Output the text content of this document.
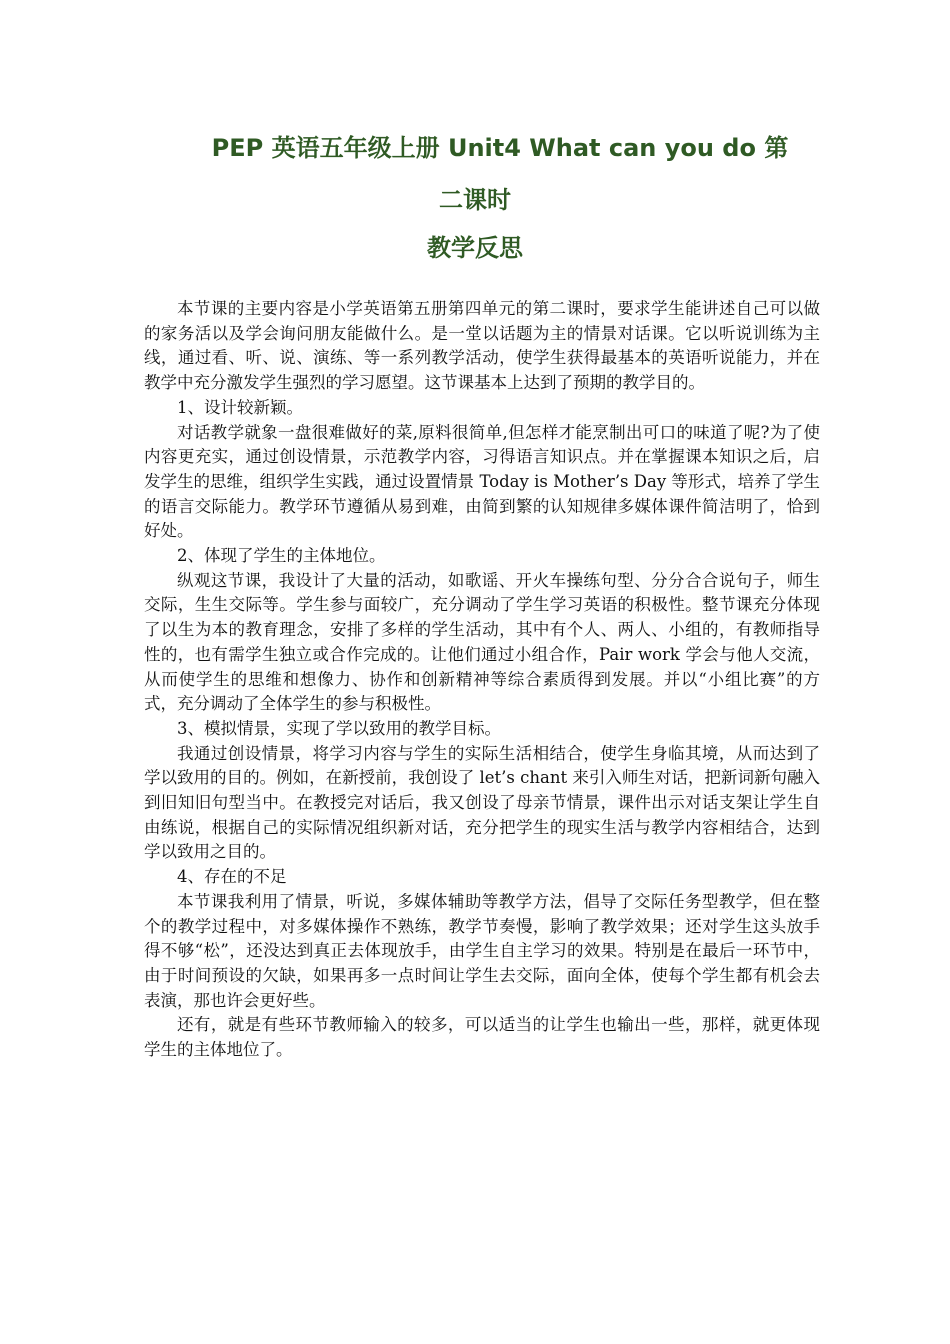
PEP 英语五年级上册 Unit4 What can you do 第
二课时
教学反思

本节课的主要内容是小学英语第五册第四单元的第二课时，要求学生能讲述自己可以做的家务活以及学会询问朋友能做什么。是一堂以话题为主的情景对话课。它以听说训练为主线，通过看、听、说、演练、等一系列教学活动，使学生获得最基本的英语听说能力，并在教学中充分激发学生强烈的学习愿望。这节课基本上达到了预期的教学目的。

1、设计较新颖。

对话教学就象一盘很难做好的菜,原料很简单,但怎样才能烹制出可口的味道了呢?为了使内容更充实，通过创设情景，示范教学内容，习得语言知识点。并在掌握课本知识之后，启发学生的思维，组织学生实践，通过设置情景 Today is Mother’s Day 等形式，培养了学生的语言交际能力。教学环节遵循从易到难，由简到繁的认知规律多媒体课件简洁明了，恰到好处。

2、体现了学生的主体地位。

纵观这节课，我设计了大量的活动，如歌谣、开火车操练句型、分分合合说句子，师生交际，生生交际等。学生参与面较广，充分调动了学生学习英语的积极性。整节课充分体现了以生为本的教育理念，安排了多样的学生活动，其中有个人、两人、小组的，有教师指导性的，也有需学生独立或合作完成的。让他们通过小组合作，Pair work 学会与他人交流，从而使学生的思维和想像力、协作和创新精神等综合素质得到发展。并以“小组比赛”的方式，充分调动了全体学生的参与积极性。

3、模拟情景，实现了学以致用的教学目标。

我通过创设情景，将学习内容与学生的实际生活相结合，使学生身临其境，从而达到了学以致用的目的。例如，在新授前，我创设了 let’s chant 来引入师生对话，把新词新句融入到旧知旧句型当中。在教授完对话后，我又创设了母亲节情景，课件出示对话支架让学生自由练说，根据自己的实际情况组织新对话，充分把学生的现实生活与教学内容相结合，达到学以致用之目的。

4、存在的不足

本节课我利用了情景，听说，多媒体辅助等教学方法，倡导了交际任务型教学，但在整个的教学过程中，对多媒体操作不熟练，教学节奏慢，影响了教学效果；还对学生这头放手得不够“松”，还没达到真正去体现放手，由学生自主学习的效果。特别是在最后一环节中，由于时间预设的欠缺，如果再多一点时间让学生去交际，面向全体，使每个学生都有机会去表演，那也许会更好些。

还有，就是有些环节教师输入的较多，可以适当的让学生也输出一些，那样，就更体现学生的主体地位了。
